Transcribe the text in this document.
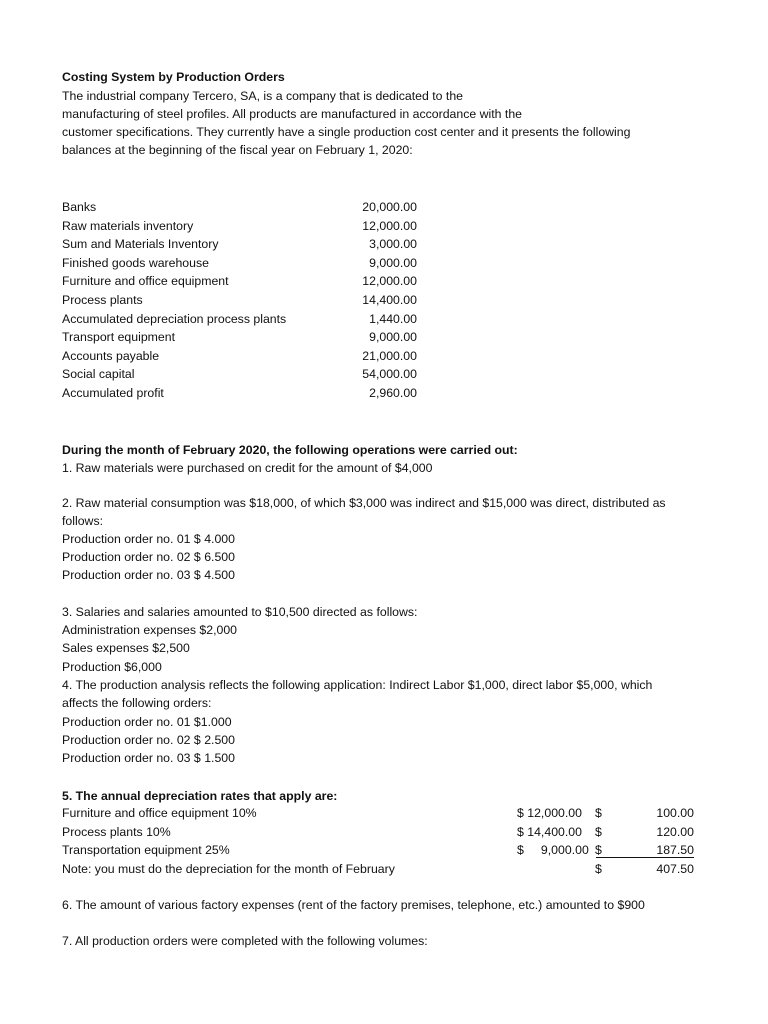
Costing System by Production Orders
The industrial company Tercero, SA, is a company that is dedicated to the
manufacturing of steel profiles. All products are manufactured in accordance with the
customer specifications. They currently have a single production cost center and it presents the following
balances at the beginning of the fiscal year on February 1, 2020:
Banks	20,000.00
Raw materials inventory	12,000.00
Sum and Materials Inventory	3,000.00
Finished goods warehouse	9,000.00
Furniture and office equipment	12,000.00
Process plants	14,400.00
Accumulated depreciation process plants	1,440.00
Transport equipment	9,000.00
Accounts payable	21,000.00
Social capital	54,000.00
Accumulated profit	2,960.00
During the month of February 2020, the following operations were carried out:
1. Raw materials were purchased on credit for the amount of $4,000
2. Raw material consumption was $18,000, of which $3,000 was indirect and $15,000 was direct, distributed as
follows:
Production order no. 01 $ 4.000
Production order no. 02 $ 6.500
Production order no. 03 $ 4.500
3. Salaries and salaries amounted to $10,500 directed as follows:
Administration expenses $2,000
Sales expenses $2,500
Production $6,000
4. The production analysis reflects the following application: Indirect Labor $1,000, direct labor $5,000, which
affects the following orders:
Production order no. 01 $1.000
Production order no. 02 $ 2.500
Production order no. 03 $ 1.500
5. The annual depreciation rates that apply are:
Furniture and office equipment 10%	$ 12,000.00 $	100.00
Process plants 10%	$ 14,400.00 $	120.00
Transportation equipment 25%	$     9,000.00 $	187.50
Note: you must do the depreciation for the month of February	$	407.50
6. The amount of various factory expenses (rent of the factory premises, telephone, etc.) amounted to $900
7. All production orders were completed with the following volumes:
